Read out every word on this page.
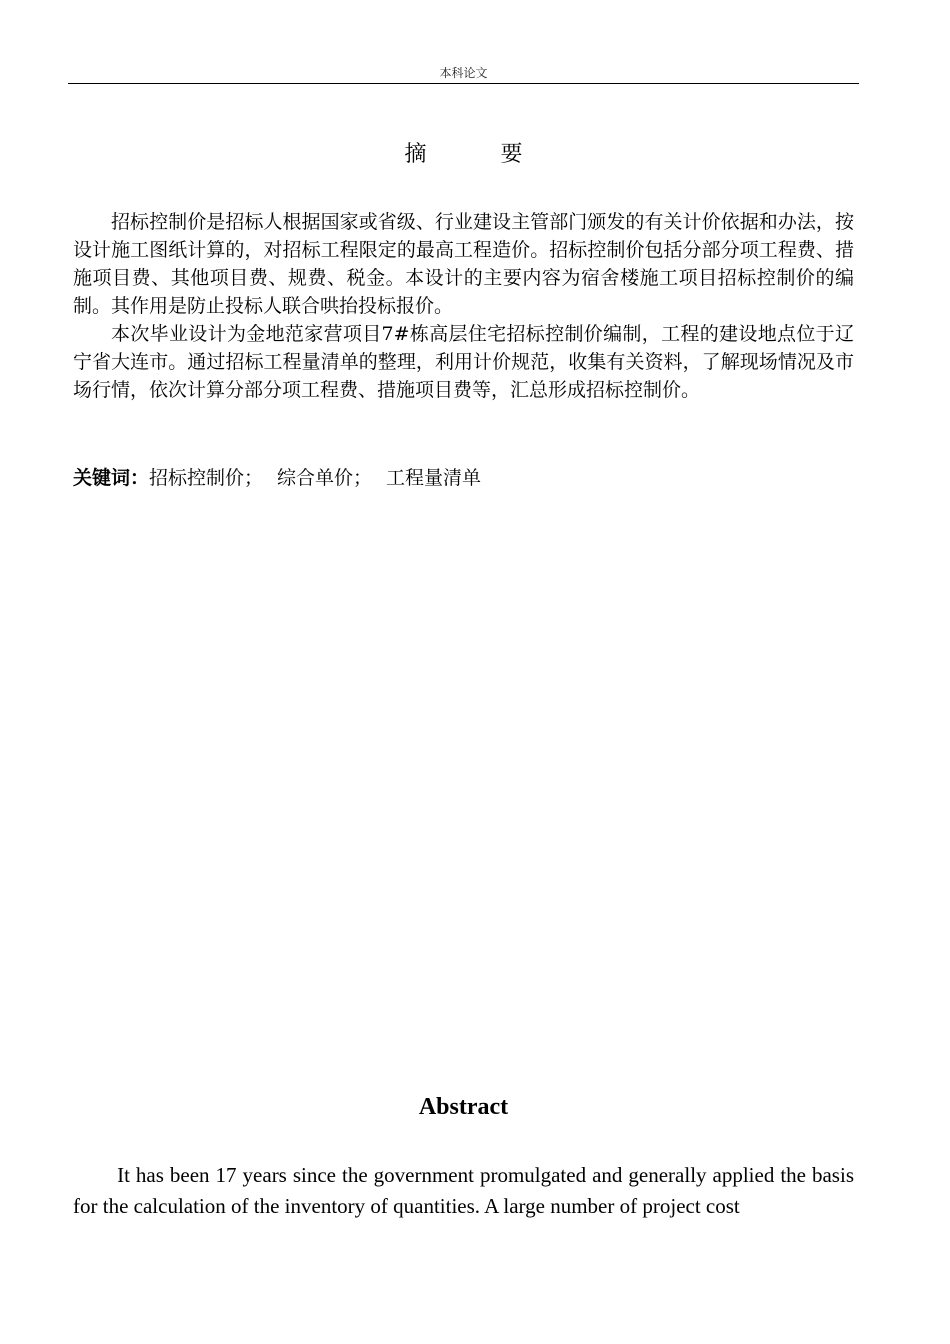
本科论文
摘　要

招标控制价是招标人根据国家或省级、行业建设主管部门颁发的有关计价依据和办法，按设计施工图纸计算的，对招标工程限定的最高工程造价。招标控制价包括分部分项工程费、措施项目费、其他项目费、规费、税金。本设计的主要内容为宿舍楼施工项目招标控制价的编制。其作用是防止投标人联合哄抬投标报价。

本次毕业设计为金地范家营项目7#栋高层住宅招标控制价编制，工程的建设地点位于辽宁省大连市。通过招标工程量清单的整理，利用计价规范，收集有关资料，了解现场情况及市场行情，依次计算分部分项工程费、措施项目费等，汇总形成招标控制价。

关键词：招标控制价； 综合单价； 工程量清单
Abstract

It has been 17 years since the government promulgated and generally applied the basis for the calculation of the inventory of quantities. A large number of project cost
